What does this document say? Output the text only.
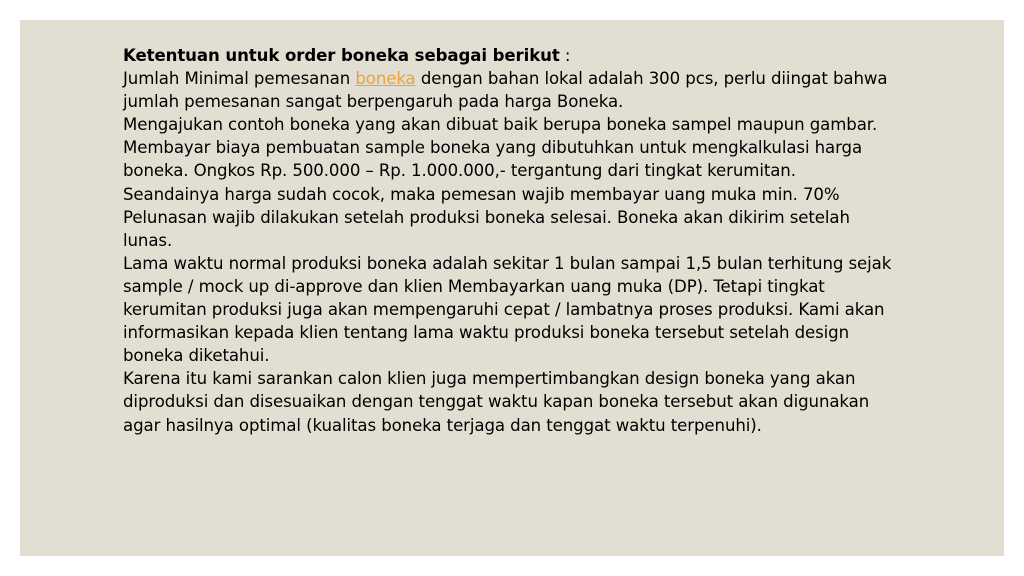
Ketentuan untuk order boneka sebagai berikut :

Jumlah Minimal pemesanan boneka dengan bahan lokal adalah 300 pcs, perlu diingat bahwa jumlah pemesanan sangat berpengaruh pada harga Boneka.

Mengajukan contoh boneka yang akan dibuat baik berupa boneka sampel maupun gambar.

Membayar biaya pembuatan sample boneka yang dibutuhkan untuk mengkalkulasi harga boneka. Ongkos Rp. 500.000 – Rp. 1.000.000,- tergantung dari tingkat kerumitan.

Seandainya harga sudah cocok, maka pemesan wajib membayar uang muka min. 70%

Pelunasan wajib dilakukan setelah produksi boneka selesai. Boneka akan dikirim setelah lunas.

Lama waktu normal produksi boneka adalah sekitar 1 bulan sampai 1,5 bulan terhitung sejak sample / mock up di-approve dan klien Membayarkan uang muka (DP). Tetapi tingkat kerumitan produksi juga akan mempengaruhi cepat / lambatnya proses produksi. Kami akan informasikan kepada klien tentang lama waktu produksi boneka tersebut setelah design boneka diketahui.

Karena itu kami sarankan calon klien juga mempertimbangkan design boneka yang akan diproduksi dan disesuaikan dengan tenggat waktu kapan boneka tersebut akan digunakan agar hasilnya optimal (kualitas boneka terjaga dan tenggat waktu terpenuhi).
